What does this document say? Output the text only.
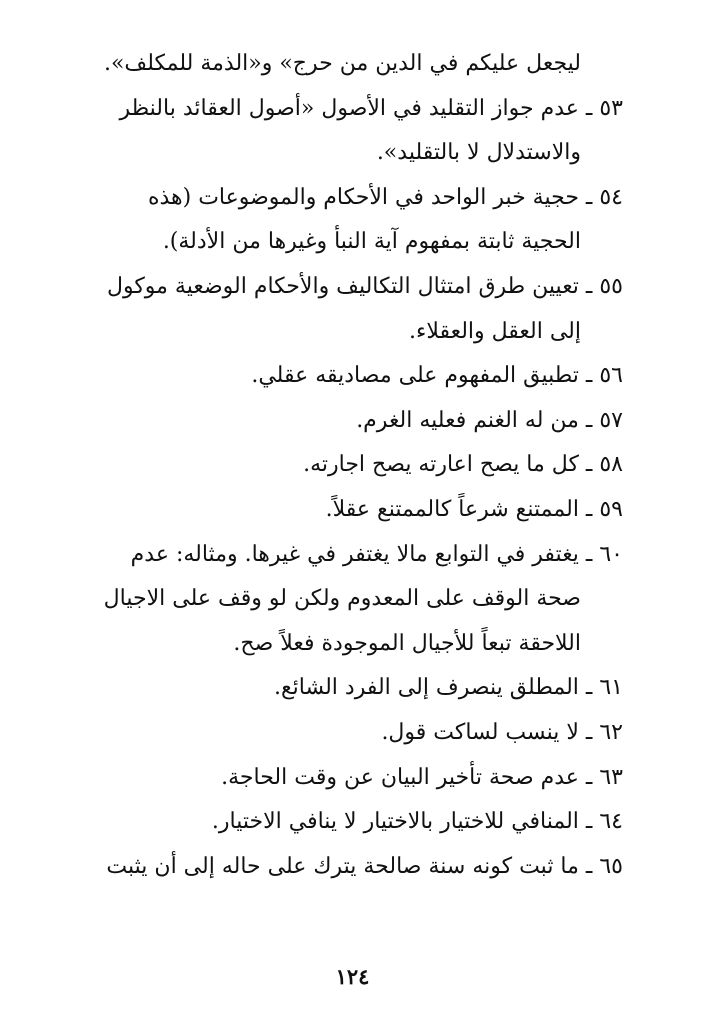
ليجعل عليكم في الدين من حرج» و«الذمة للمكلف».
٥٣ ـ عدم جواز التقليد في الأصول «أصول العقائد بالنظر
والاستدلال لا بالتقليد».
٥٤ ـ حجية خبر الواحد في الأحكام والموضوعات (هذه
الحجية ثابتة بمفهوم آية النبأ وغيرها من الأدلة).
٥٥ ـ تعيين طرق امتثال التكاليف والأحكام الوضعية موكول
إلى العقل والعقلاء.
٥٦ ـ تطبيق المفهوم على مصاديقه عقلي.
٥٧ ـ من له الغنم فعليه الغرم.
٥٨ ـ كل ما يصح اعارته يصح اجارته.
٥٩ ـ الممتنع شرعاً كالممتنع عقلاً.
٦٠ ـ يغتفر في التوابع مالا يغتفر في غيرها. ومثاله: عدم
صحة الوقف على المعدوم ولكن لو وقف على الاجيال
اللاحقة تبعاً للأجيال الموجودة فعلاً صح.
٦١ ـ المطلق ينصرف إلى الفرد الشائع.
٦٢ ـ لا ينسب لساكت قول.
٦٣ ـ عدم صحة تأخير البيان عن وقت الحاجة.
٦٤ ـ المنافي للاختيار بالاختيار لا ينافي الاختيار.
٦٥ ـ ما ثبت كونه سنة صالحة يترك على حاله إلى أن يثبت
١٢٤
